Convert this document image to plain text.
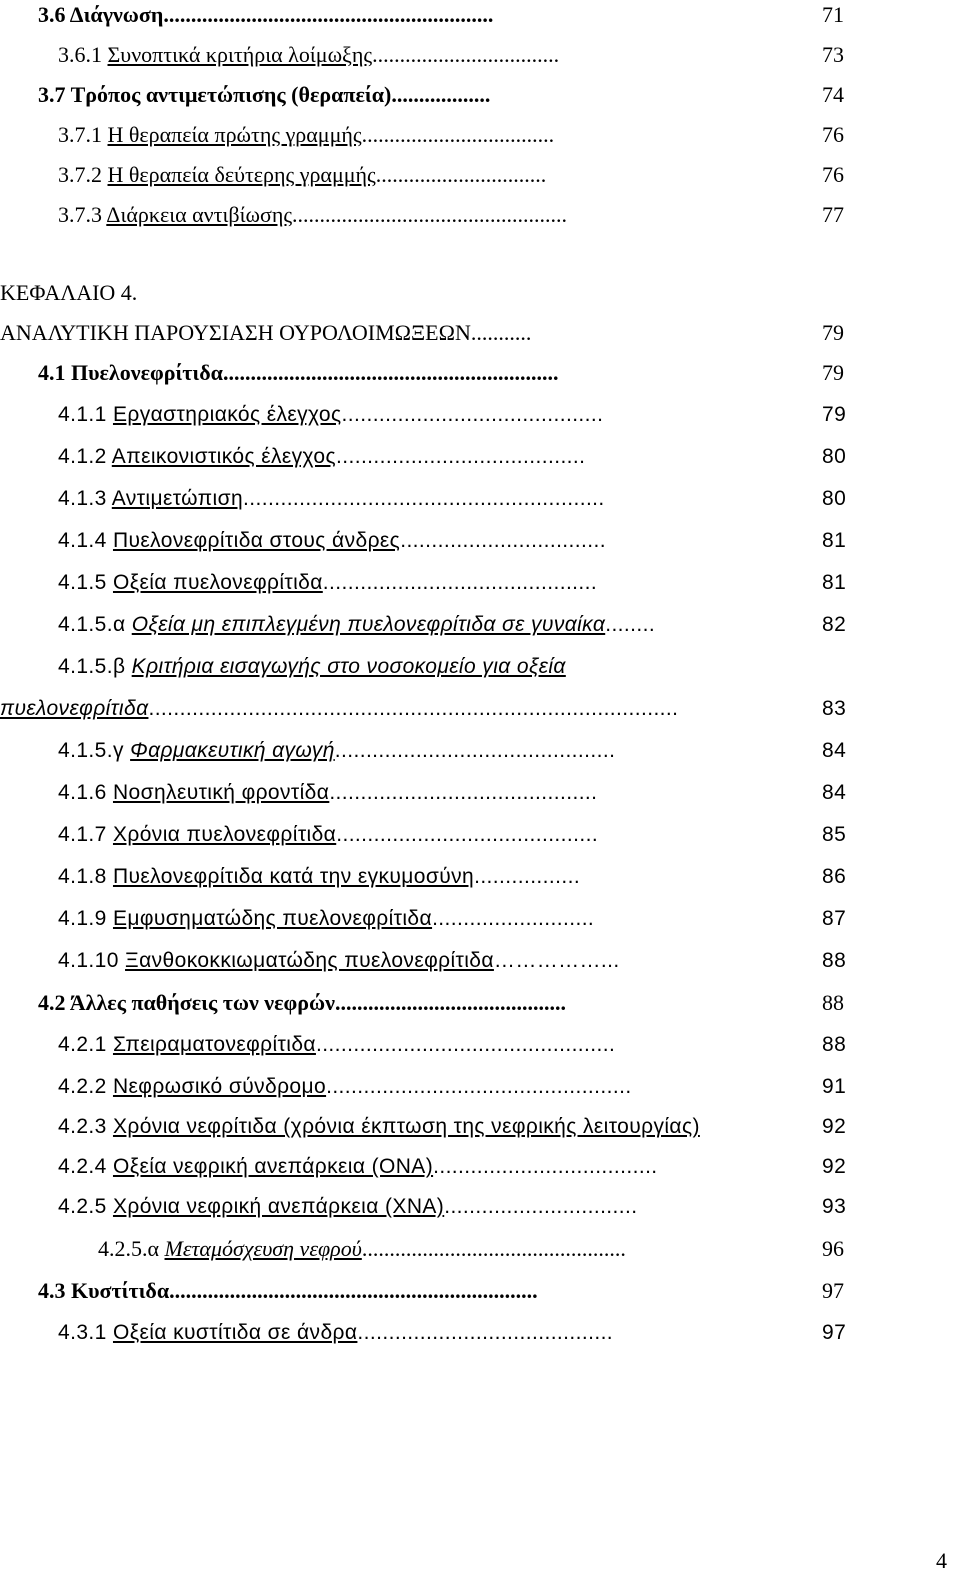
3.6 Διάγνωση............................................................	71
3.6.1 Συνοπτικά κριτήρια λοίμωξης..................................	73
3.7 Τρόπος αντιμετώπισης (θεραπεία)..................	74
3.7.1 Η θεραπεία πρώτης γραμμής...................................	76
3.7.2 Η θεραπεία δεύτερης γραμμής...............................	76
3.7.3 Διάρκεια αντιβίωσης..................................................	77
ΚΕΦΑΛΑΙΟ 4.
ΑΝΑΛΥΤΙΚΗ ΠΑΡΟΥΣΙΑΣΗ ΟΥΡΟΛΟΙΜΩΞΕΩΝ...........	79
4.1 Πυελονεφρίτιδα.............................................................	79
4.1.1 Εργαστηριακός έλεγχος..........................................	79
4.1.2 Απεικονιστικός έλεγχος........................................	80
4.1.3 Αντιμετώπιση..........................................................	80
4.1.4 Πυελονεφρίτιδα στους άνδρες.................................	81
4.1.5 Οξεία πυελονεφρίτιδα............................................	81
4.1.5.α Οξεία μη επιπλεγμένη πυελονεφρίτιδα σε γυναίκα........	82
4.1.5.β Κριτήρια εισαγωγής στο νοσοκομείο για οξεία
πυελονεφρίτιδα.....................................................................................	83
4.1.5.γ Φαρμακευτική αγωγή.............................................	84
4.1.6 Νοσηλευτική φροντίδα...........................................	84
4.1.7 Χρόνια πυελονεφρίτιδα..........................................	85
4.1.8 Πυελονεφρίτιδα κατά την εγκυμοσύνη.................	86
4.1.9 Εμφυσηματώδης πυελονεφρίτιδα..........................	87
4.1.10 Ξανθοκοκκιωματώδης πυελονεφρίτιδα……………...	88
4.2 Άλλες παθήσεις των νεφρών..........................................	88
4.2.1 Σπειραματονεφρίτιδα................................................	88
4.2.2 Νεφρωσικό σύνδρομο.................................................	91
4.2.3 Χρόνια νεφρίτιδα (χρόνια έκπτωση της νεφρικής λειτουργίας)	92
4.2.4 Οξεία νεφρική ανεπάρκεια (ΟΝΑ)....................................	92
4.2.5 Χρόνια νεφρική ανεπάρκεια (ΧΝΑ)...............................	93
4.2.5.α Μεταμόσχευση νεφρού................................................	96
4.3 Κυστίτιδα...................................................................	97
4.3.1 Οξεία κυστίτιδα σε άνδρα.........................................	97
4
